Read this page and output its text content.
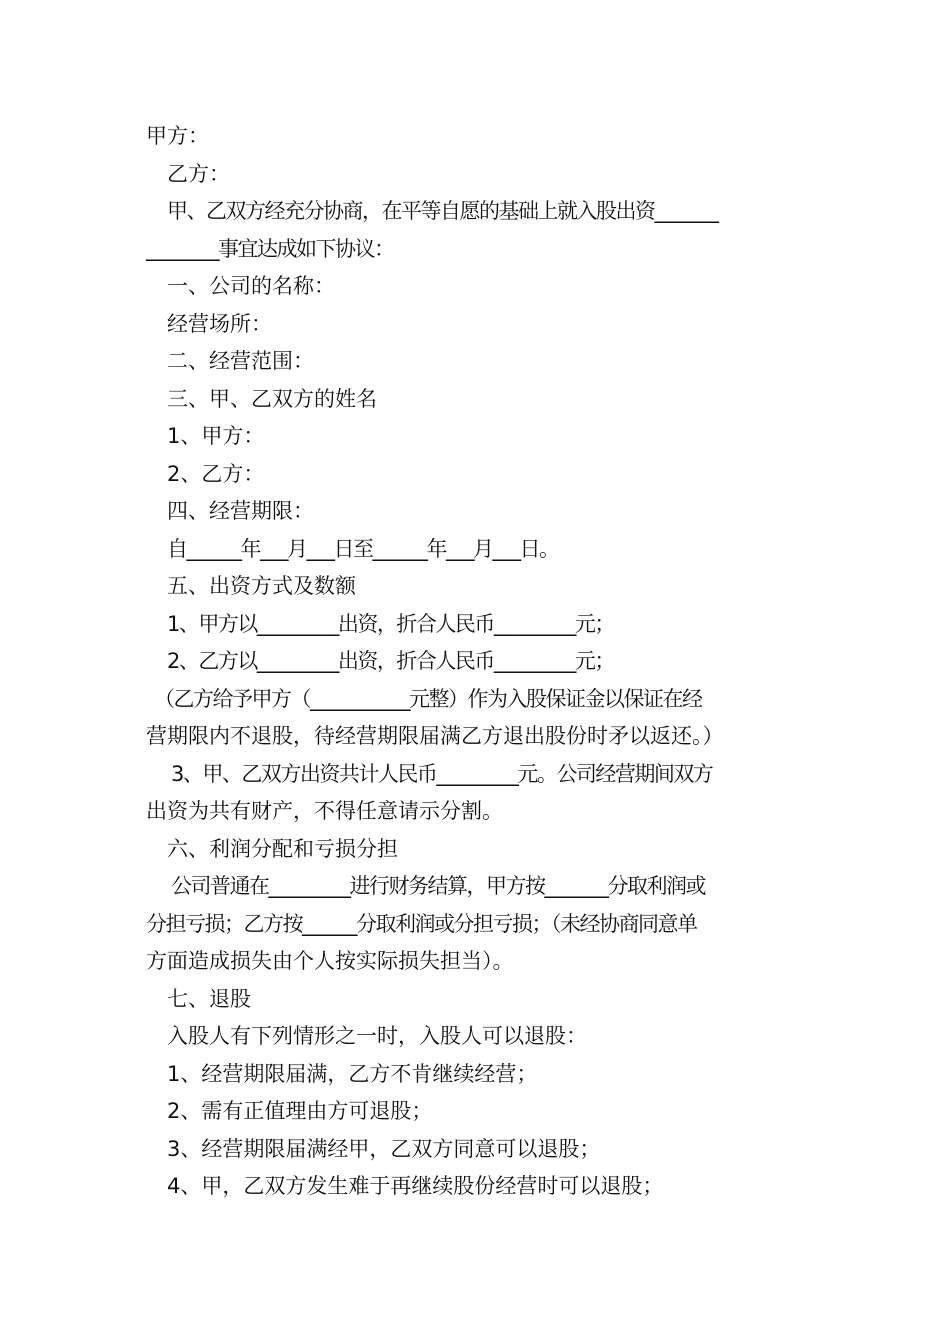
甲方：
乙方：
甲、乙双方经充分协商，在平等自愿的基础上就入股出资_______
________事宜达成如下协议：
一、公司的名称：
经营场所：
二、经营范围：
三、甲、乙双方的姓名
1、甲方：
2、乙方：
四、经营期限：
自______年___月___日至______年___月___日。
五、出资方式及数额
1、甲方以_________出资，折合人民币_________元；
2、乙方以_________出资，折合人民币_________元；
（乙方给予甲方（___________元整）作为入股保证金以保证在经
营期限内不退股，待经营期限届满乙方退出股份时矛以返还。）
3、甲、乙双方出资共计人民币_________元。公司经营期间双方
出资为共有财产，不得任意请示分割。
六、利润分配和亏损分担
公司普通在_________进行财务结算，甲方按_______分取利润或
分担亏损；乙方按______分取利润或分担亏损；（未经协商同意单
方面造成损失由个人按实际损失担当）。
七、退股
入股人有下列情形之一时，入股人可以退股：
1、经营期限届满，乙方不肯继续经营；
2、需有正值理由方可退股；
3、经营期限届满经甲，乙双方同意可以退股；
4、甲，乙双方发生难于再继续股份经营时可以退股；
